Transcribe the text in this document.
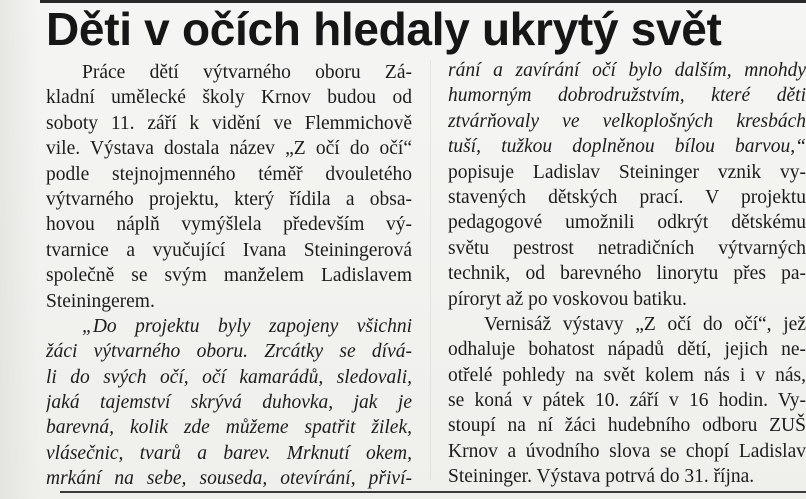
Děti v očích hledaly ukrytý svět
Práce dětí výtvarného oboru Zá-
kladní umělecké školy Krnov budou od
soboty 11. září k vidění ve Flemmichově
vile. Výstava dostala název „Z očí do očí“
podle stejnojmenného téměř dvouletého
výtvarného projektu, který řídila a obsa-
hovou náplň vymýšlela především vý-
tvarnice a vyučující Ivana Steiningerová
společně se svým manželem Ladislavem
Steiningerem.
„Do projektu byly zapojeny všichni
žáci výtvarného oboru. Zrcátky se dívá-
li do svých očí, očí kamarádů, sledovali,
jaká tajemství skrývá duhovka, jak je
barevná, kolik zde můžeme spatřit žilek,
vlásečnic, tvarů a barev. Mrknutí okem,
mrkání na sebe, souseda, otevírání, přiví-
rání a zavírání očí bylo dalším, mnohdy
humorným dobrodružstvím, které děti
ztvárňovaly ve velkoplošných kresbách
tuší, tužkou doplněnou bílou barvou,“
popisuje Ladislav Steininger vznik vy-
stavených dětských prací. V projektu
pedagogové umožnili odkrýt dětskému
světu pestrost netradičních výtvarných
technik, od barevného linorytu přes pa-
píroryt až po voskovou batiku.
Vernisáž výstavy „Z očí do očí“, jež
odhaluje bohatost nápadů dětí, jejich ne-
otřelé pohledy na svět kolem nás i v nás,
se koná v pátek 10. září v 16 hodin. Vy-
stoupí na ní žáci hudebního odboru ZUŠ
Krnov a úvodního slova se chopí Ladislav
Steininger. Výstava potrvá do 31. října.
